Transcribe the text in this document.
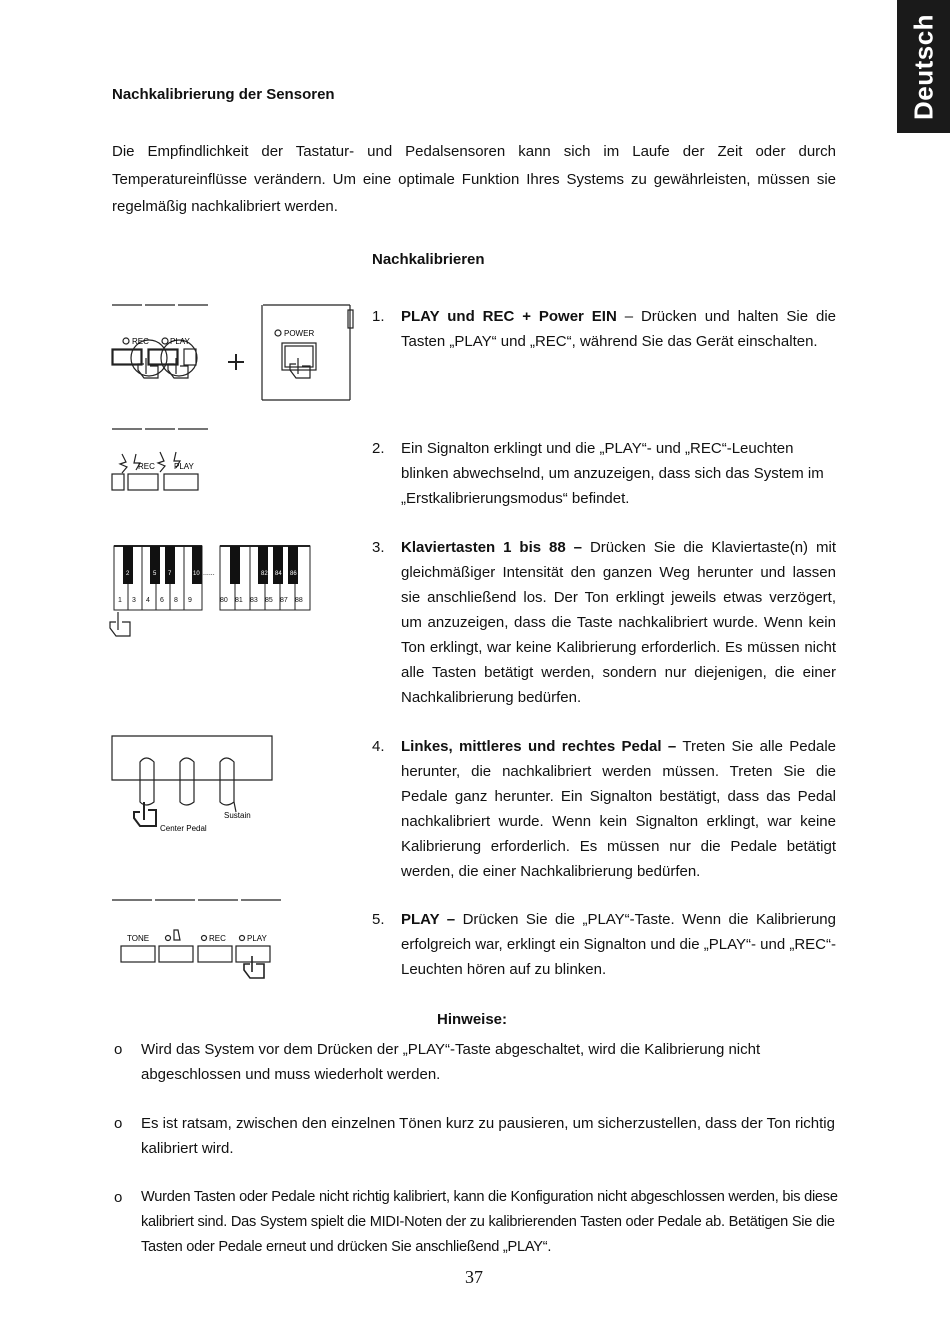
Deutsch
Nachkalibrierung der Sensoren
Die Empfindlichkeit der Tastatur- und Pedalsensoren kann sich im Laufe der Zeit oder durch Temperatureinflüsse verändern. Um eine optimale Funktion Ihres Systems zu gewährleisten, müssen sie regelmäßig nachkalibriert werden.
Nachkalibrieren
REC	PLAY
POWER
1. PLAY und REC + Power EIN – Drücken und halten Sie die Tasten „PLAY“ und „REC“, während Sie das Gerät einschalten.
REC PLAY
2. Ein Signalton erklingt und die „PLAY“- und „REC“-Leuchten blinken abwechselnd, um anzuzeigen, dass sich das System im „Erstkalibrierungsmodus“ befindet.
2	5 7	10	82 84 86
......
1 3 4 6 8 9	80 81 83 85 87 88
3. Klaviertasten 1 bis 88 – Drücken Sie die Klaviertaste(n) mit gleichmäßiger Intensität den ganzen Weg herunter und lassen sie anschließend los. Der Ton erklingt jeweils etwas verzögert, um anzuzeigen, dass die Taste nachkalibriert wurde. Wenn kein Ton erklingt, war keine Kalibrierung erforderlich. Es müssen nicht alle Tasten betätigt werden, sondern nur diejenigen, die einer Nachkalibrierung bedürfen.
Center Pedal
Sustain
4. Linkes, mittleres und rechtes Pedal – Treten Sie alle Pedale herunter, die nachkalibriert werden müssen. Treten Sie die Pedale ganz herunter. Ein Signalton bestätigt, dass das Pedal nachkalibriert wurde. Wenn kein Signalton erklingt, war keine Kalibrierung erforderlich. Es müssen nur die Pedale betätigt werden, die einer Nachkalibrierung bedürfen.
TONE	REC	PLAY
5. PLAY – Drücken Sie die „PLAY“-Taste. Wenn die Kalibrierung erfolgreich war, erklingt ein Signalton und die „PLAY“- und „REC“-Leuchten hören auf zu blinken.
Hinweise:
o Wird das System vor dem Drücken der „PLAY“-Taste abgeschaltet, wird die Kalibrierung nicht abgeschlossen und muss wiederholt werden.
o Es ist ratsam, zwischen den einzelnen Tönen kurz zu pausieren, um sicherzustellen, dass der Ton richtig kalibriert wird.
o Wurden Tasten oder Pedale nicht richtig kalibriert, kann die Konfiguration nicht abgeschlossen werden, bis diese kalibriert sind. Das System spielt die MIDI-Noten der zu kalibrierenden Tasten oder Pedale ab. Betätigen Sie die Tasten oder Pedale erneut und drücken Sie anschließend „PLAY“.
37
